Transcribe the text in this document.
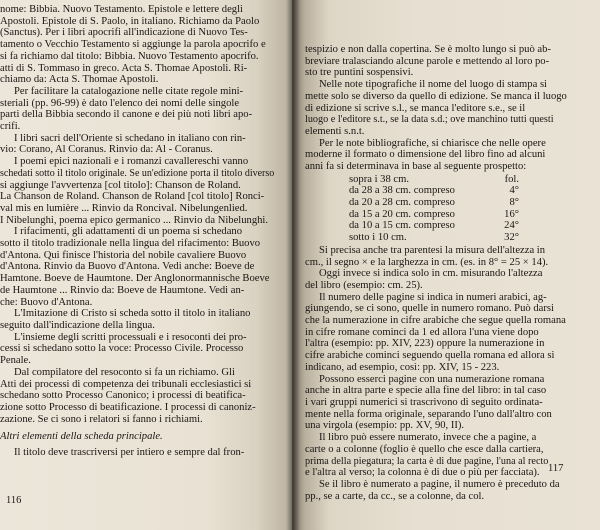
nome: Bibbia. Nuovo Testamento. Epistole e lettere degli

Apostoli. Epistole di S. Paolo, in italiano. Richiamo da Paolo

(Sanctus). Per i libri apocrifi all'indicazione di Nuovo Tes-

tamento o Vecchio Testamento si aggiunge la parola apocrifo e

si fa richiamo dal titolo: Bibbia. Nuovo Testamento apocrifo.

atti di S. Tommaso in greco. Acta S. Thomae Apostoli. Ri-

chiamo da: Acta S. Thomae Apostoli.

Per facilitare la catalogazione nelle citate regole mini-

steriali (pp. 96-99) è dato l'elenco dei nomi delle singole

parti della Bibbia secondo il canone e dei più noti libri apo-

crifi.

I libri sacri dell'Oriente si schedano in italiano con rin-

vio: Corano, Al Coranus. Rinvio da: Al - Coranus.

I poemi epici nazionali e i romanzi cavallereschi vanno

schedati sotto il titolo originale. Se un'edizione porta il titolo diverso

si aggiunge l'avvertenza [col titolo]: Chanson de Roland.

La Chanson de Roland. Chanson de Roland [col titolo] Ronci-

val mis en lumière ... Rinvio da Roncival. Nibelungenlied.

I Nibelunghi, poema epico germanico ... Rinvio da Nibelunghi.

I rifacimenti, gli adattamenti di un poema si schedano

sotto il titolo tradizionale nella lingua del rifacimento: Buovo

d'Antona. Qui finisce l'historia del nobile cavaliere Buovo

d'Antona. Rinvio da Buovo d'Antona. Vedi anche: Boeve de

Hamtone. Boeve de Haumtone. Der Anglonormannische Boeve

de Haumtone ... Rinvio da: Boeve de Haumtone. Vedi an-

che: Buovo d'Antona.

L'Imitazione di Cristo si scheda sotto il titolo in italiano

seguito dall'indicazione della lingua.

L'insieme degli scritti processuali e i resoconti dei pro-

cessi si schedano sotto la voce: Processo Civile. Processo

Penale.

Dal compilatore del resoconto si fa un richiamo. Gli

Atti dei processi di competenza dei tribunali ecclesiastici si

schedano sotto Processo Canonico; i processi di beatifica-

zione sotto Processo di beatificazione. I processi di canoniz-

zazione. Se ci sono i relatori si fanno i richiami.

Altri elementi della scheda principale.

Il titolo deve trascriversi per intiero e sempre dal fron-

116

tespizio e non dalla copertina. Se è molto lungo si può ab-

breviare tralasciando alcune parole e mettendo al loro po-

sto tre puntini sospensivi.

Nelle note tipografiche il nome del luogo di stampa si

mette solo se diverso da quello di edizione. Se manca il luogo

di edizione si scrive s.l., se manca l'editore s.e., se il

luogo e l'editore s.t., se la data s.d.; ove manchino tutti questi

elementi s.n.t.

Per le note bibliografiche, si chiarisce che nelle opere

moderne il formato o dimensione del libro fino ad alcuni

anni fa si determinava in base al seguente prospetto:

sopra i 38 cm.	fol.
da 28 a 38 cm. compreso	4°
da 20 a 28 cm. compreso	8°
da 15 a 20 cm. compreso	16°
da 10 a 15 cm. compreso	24°
sotto i 10 cm.	32°

Si precisa anche tra parentesi la misura dell'altezza in

cm., il segno × e la larghezza in cm. (es. in 8° = 25 × 14).

Oggi invece si indica solo in cm. misurando l'altezza

del libro (esempio: cm. 25).

Il numero delle pagine si indica in numeri arabici, ag-

giungendo, se ci sono, quelle in numero romano. Può darsi

che la numerazione in cifre arabiche che segue quella romana

in cifre romane cominci da 1 ed allora l'una viene dopo

l'altra (esempio: pp. XIV, 223) oppure la numerazione in

cifre arabiche cominci seguendo quella romana ed allora si

indicano, ad esempio, così: pp. XIV, 15 - 223.

Possono esserci pagine con una numerazione romana

anche in altra parte e specie alla fine del libro: in tal caso

i vari gruppi numerici si trascrivono di seguito ordinata-

mente nella forma originale, separando l'uno dall'altro con

una virgola (esempio: pp. XV, 90, II).

Il libro può essere numerato, invece che a pagine, a

carte o a colonne (foglio è quello che esce dalla cartiera,

prima della piegatura; la carta è di due pagine, l'una al recto

e l'altra al verso; la colonna è di due o più per facciata).

Se il libro è numerato a pagine, il numero è preceduto da

pp., se a carte, da cc., se a colonne, da col.

117
